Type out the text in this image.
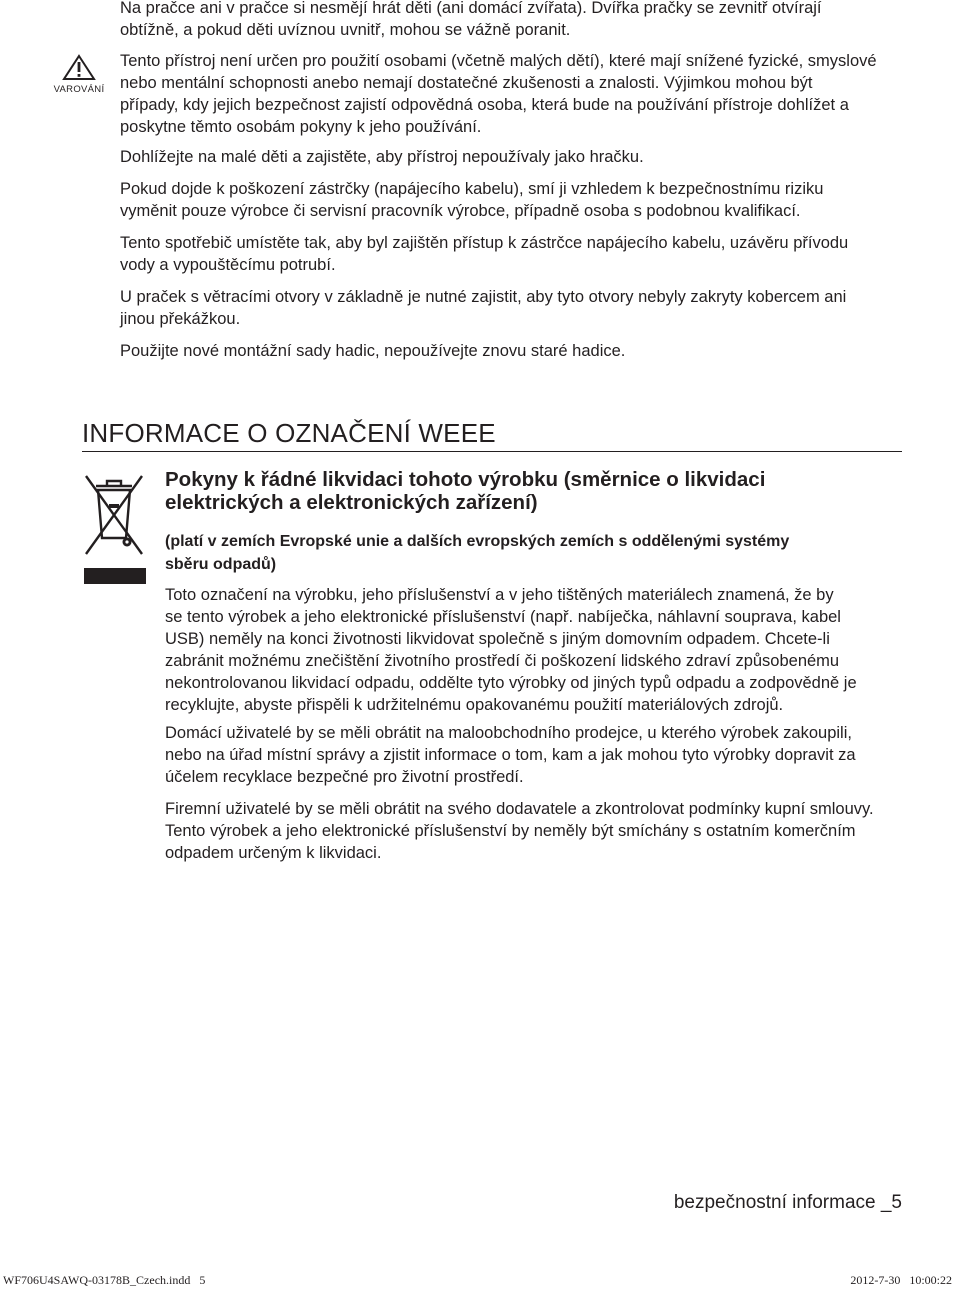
Na pračce ani v pračce si nesmějí hrát děti (ani domácí zvířata). Dvířka pračky se zevnitř otvírají
obtížně, a pokud děti uvíznou uvnitř, mohou se vážně poranit.

VAROVÁNÍ

Tento přístroj není určen pro použití osobami (včetně malých dětí), které mají snížené fyzické, smyslové
nebo mentální schopnosti anebo nemají dostatečné zkušenosti a znalosti. Výjimkou mohou být
případy, kdy jejich bezpečnost zajistí odpovědná osoba, která bude na používání přístroje dohlížet a
poskytne těmto osobám pokyny k jeho používání.

Dohlížejte na malé děti a zajistěte, aby přístroj nepoužívaly jako hračku.

Pokud dojde k poškození zástrčky (napájecího kabelu), smí ji vzhledem k bezpečnostnímu riziku
vyměnit pouze výrobce či servisní pracovník výrobce, případně osoba s podobnou kvalifikací.

Tento spotřebič umístěte tak, aby byl zajištěn přístup k zástrčce napájecího kabelu, uzávěru přívodu
vody a vypouštěcímu potrubí.

U praček s větracími otvory v základně je nutné zajistit, aby tyto otvory nebyly zakryty kobercem ani
jinou překážkou.

Použijte nové montážní sady hadic, nepoužívejte znovu staré hadice.

INFORMACE O OZNAČENÍ WEEE

Pokyny k řádné likvidaci tohoto výrobku (směrnice o likvidaci
elektrických a elektronických zařízení)

(platí v zemích Evropské unie a dalších evropských zemích s oddělenými systémy
sběru odpadů)

Toto označení na výrobku, jeho příslušenství a v jeho tištěných materiálech znamená, že by
se tento výrobek a jeho elektronické příslušenství (např. nabíječka, náhlavní souprava, kabel
USB) neměly na konci životnosti likvidovat společně s jiným domovním odpadem. Chcete-li
zabránit možnému znečištění životního prostředí či poškození lidského zdraví způsobenému
nekontrolovanou likvidací odpadu, oddělte tyto výrobky od jiných typů odpadu a zodpovědně je
recyklujte, abyste přispěli k udržitelnému opakovanému použití materiálových zdrojů.

Domácí uživatelé by se měli obrátit na maloobchodního prodejce, u kterého výrobek zakoupili,
nebo na úřad místní správy a zjistit informace o tom, kam a jak mohou tyto výrobky dopravit za
účelem recyklace bezpečné pro životní prostředí.

Firemní uživatelé by se měli obrátit na svého dodavatele a zkontrolovat podmínky kupní smlouvy.
Tento výrobek a jeho elektronické příslušenství by neměly být smíchány s ostatním komerčním
odpadem určeným k likvidaci.

bezpečnostní informace _5

WF706U4SAWQ-03178B_Czech.indd   5	2012-7-30   10:00:22
